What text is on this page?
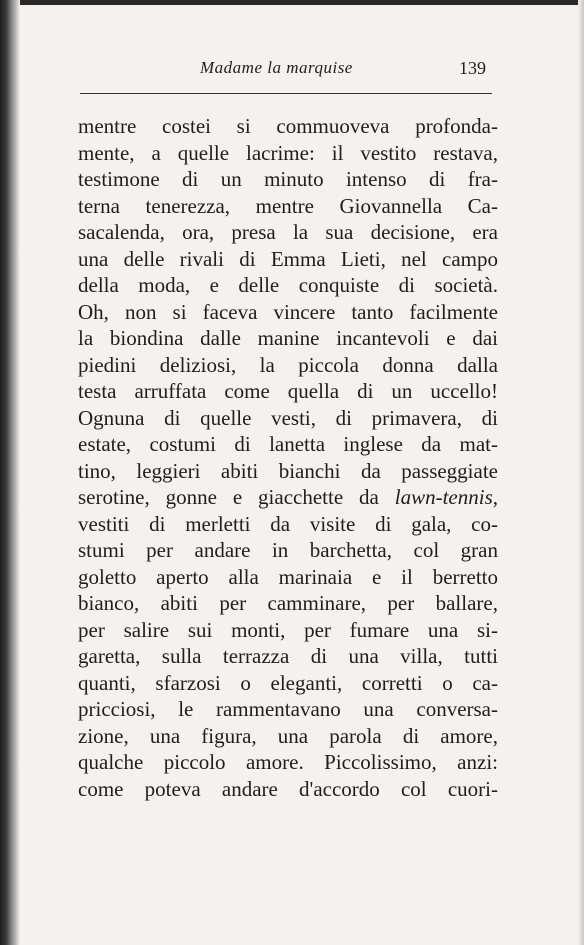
Madame la marquise	139
mentre costei si commuoveva profonda-
mente, a quelle lacrime: il vestito restava,
testimone di un minuto intenso di fra-
terna tenerezza, mentre Giovannella Ca-
sacalenda, ora, presa la sua decisione, era
una delle rivali di Emma Lieti, nel campo
della moda, e delle conquiste di società.
Oh, non si faceva vincere tanto facilmente
la biondina dalle manine incantevoli e dai
piedini deliziosi, la piccola donna dalla
testa arruffata come quella di un uccello!
Ognuna di quelle vesti, di primavera, di
estate, costumi di lanetta inglese da mat-
tino, leggieri abiti bianchi da passeggiate
serotine, gonne e giacchette da lawn-tennis,
vestiti di merletti da visite di gala, co-
stumi per andare in barchetta, col gran
goletto aperto alla marinaia e il berretto
bianco, abiti per camminare, per ballare,
per salire sui monti, per fumare una si-
garetta, sulla terrazza di una villa, tutti
quanti, sfarzosi o eleganti, corretti o ca-
pricciosi, le rammentavano una conversa-
zione, una figura, una parola di amore,
qualche piccolo amore. Piccolissimo, anzi:
come poteva andare d'accordo col cuori-
